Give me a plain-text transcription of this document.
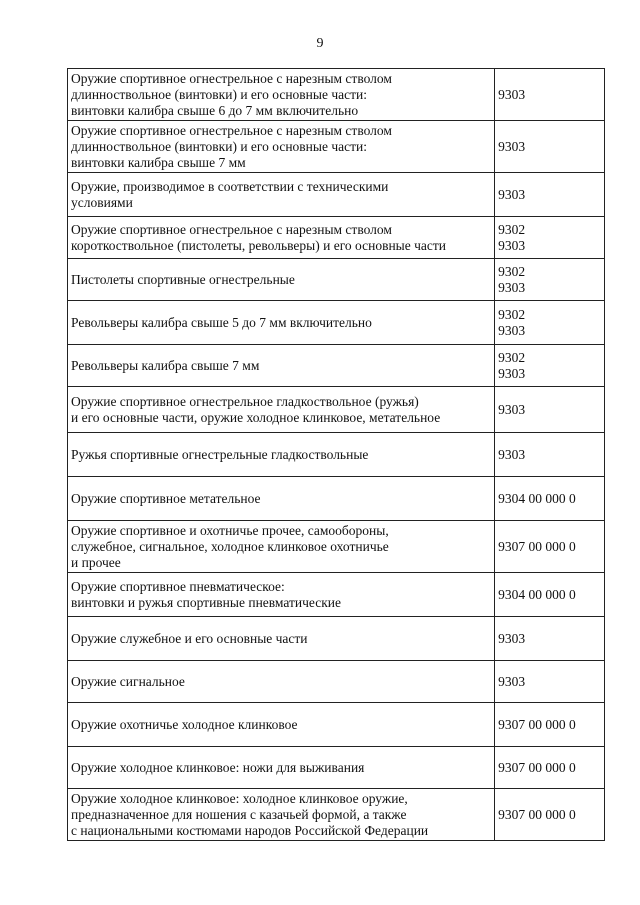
9
Оружие спортивное огнестрельное с нарезным стволом
длинноствольное (винтовки) и его основные части:
винтовки калибра свыше 6 до 7 мм включительно	9303

Оружие спортивное огнестрельное с нарезным стволом
длинноствольное (винтовки) и его основные части:
винтовки калибра свыше 7 мм	9303

Оружие, производимое в соответствии с техническими
условиями	9303

Оружие спортивное огнестрельное с нарезным стволом
короткоствольное (пистолеты, револьверы) и его основные части	9302
9303

Пистолеты спортивные огнестрельные	9302
9303

Револьверы калибра свыше 5 до 7 мм включительно	9302
9303

Револьверы калибра свыше 7 мм	9302
9303

Оружие спортивное огнестрельное гладкоствольное (ружья)
и его основные части, оружие холодное клинковое, метательное	9303

Ружья спортивные огнестрельные гладкоствольные	9303

Оружие спортивное метательное	9304 00 000 0

Оружие спортивное и охотничье прочее, самообороны,
служебное, сигнальное, холодное клинковое охотничье
и прочее	9307 00 000 0

Оружие спортивное пневматическое:
винтовки и ружья спортивные пневматические	9304 00 000 0

Оружие служебное и его основные части	9303

Оружие сигнальное	9303

Оружие охотничье холодное клинковое	9307 00 000 0

Оружие холодное клинковое: ножи для выживания	9307 00 000 0

Оружие холодное клинковое: холодное клинковое оружие,
предназначенное для ношения с казачьей формой, а также
с национальными костюмами народов Российской Федерации	9307 00 000 0
